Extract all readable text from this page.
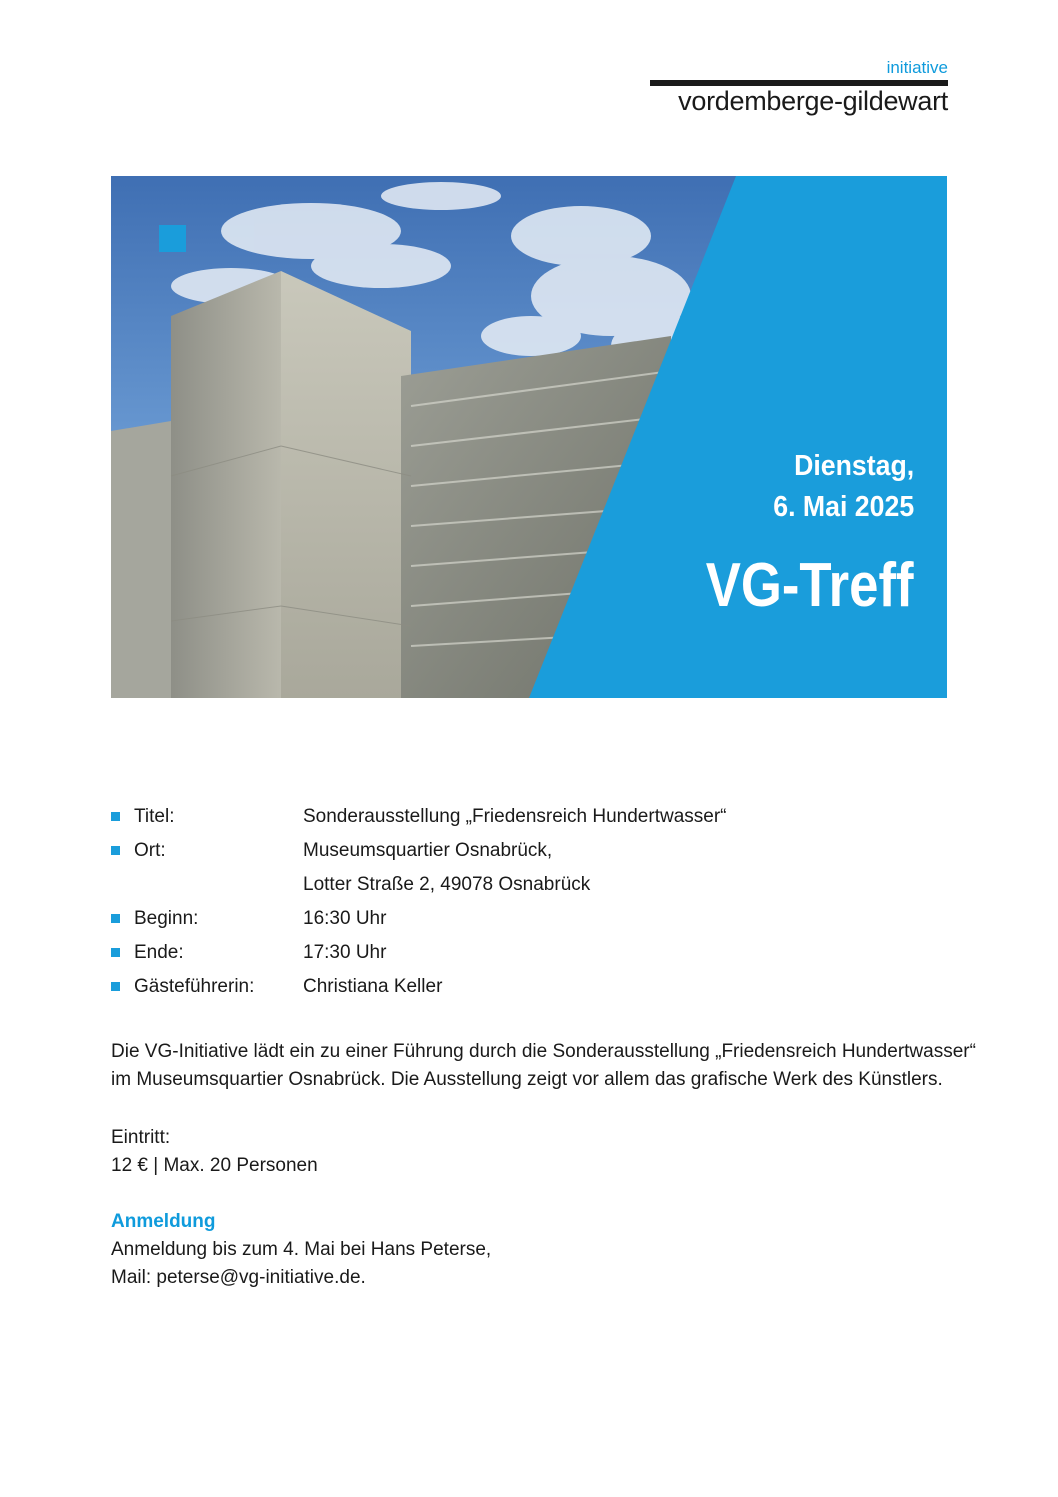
initiative
vordemberge-gildewart
Dienstag,
6. Mai 2025
VG-Treff
Titel:	Sonderausstellung „Friedensreich Hundertwasser“
Ort:	Museumsquartier Osnabrück,
Lotter Straße 2, 49078 Osnabrück
Beginn:	16:30 Uhr
Ende:	17:30 Uhr
Gästeführerin:	Christiana Keller
Die VG-Initiative lädt ein zu einer Führung durch die Sonderausstellung „Friedensreich Hundertwasser“
im Museumsquartier Osnabrück. Die Ausstellung zeigt vor allem das grafische Werk des Künstlers.
Eintritt:
12 € | Max. 20 Personen
Anmeldung
Anmeldung bis zum 4. Mai bei Hans Peterse,
Mail: peterse@vg-initiative.de.
